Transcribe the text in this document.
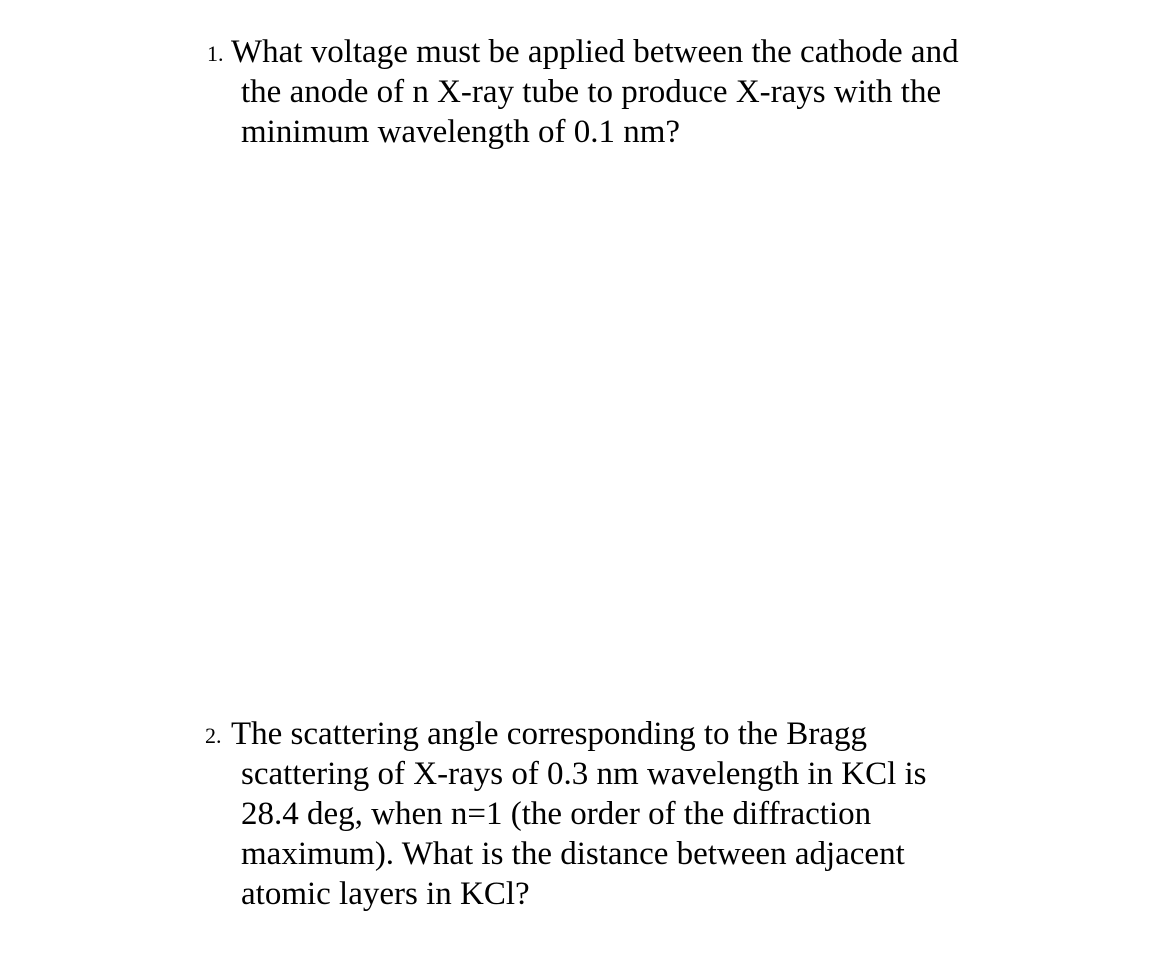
1. What voltage must be applied between the cathode and
the anode of n X-ray tube to produce X-rays with the
minimum wavelength of 0.1 nm?
2. The scattering angle corresponding to the Bragg
scattering of X-rays of 0.3 nm wavelength in KCl is
28.4 deg, when n=1 (the order of the diffraction
maximum). What is the distance between adjacent
atomic layers in KCl?
